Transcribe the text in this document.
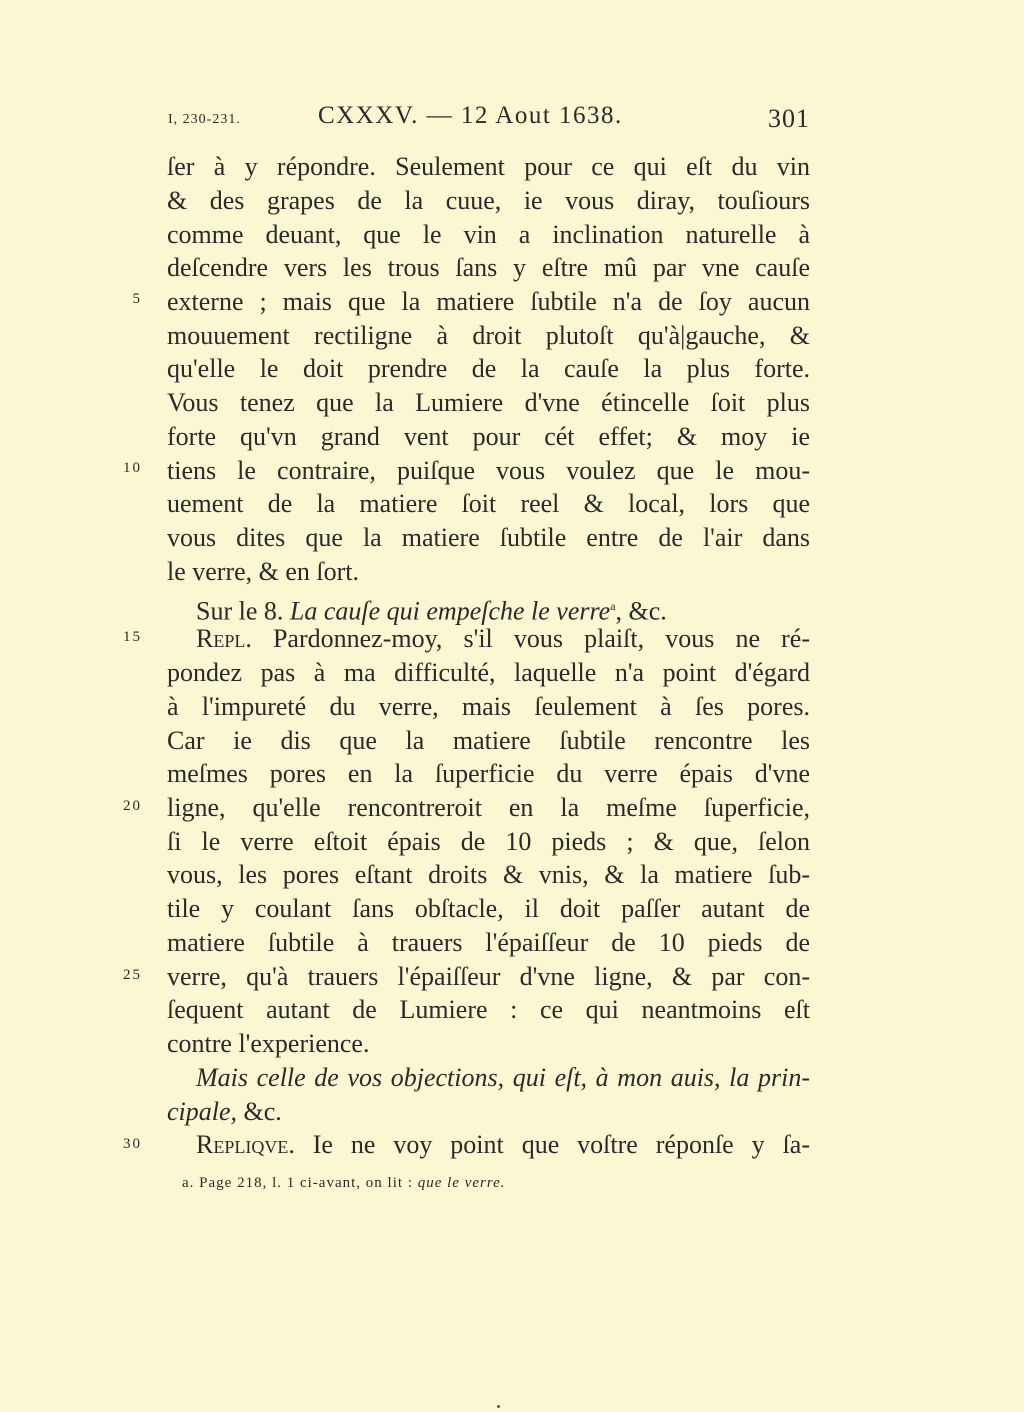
I, 230-231.	CXXXV. — 12 Aout 1638.	301
ſer à y répondre. Seulement pour ce qui eſt du vin
& des grapes de la cuue, ie vous diray, touſiours
comme deuant, que le vin a inclination naturelle à
deſcendre vers les trous ſans y eſtre mû par vne cauſe
externe ; mais que la matiere ſubtile n'a de ſoy aucun
mouuement rectiligne à droit plutoſt qu'à|gauche, &
qu'elle le doit prendre de la cauſe la plus forte.
Vous tenez que la Lumiere d'vne étincelle ſoit plus
forte qu'vn grand vent pour cét effet; & moy ie
tiens le contraire, puiſque vous voulez que le mou-
uement de la matiere ſoit reel & local, lors que
vous dites que la matiere ſubtile entre de l'air dans
le verre, & en ſort.
Sur le 8. La cauſe qui empeſche le verre$^a$, &c.
Repl. Pardonnez-moy, s'il vous plaiſt, vous ne ré-
pondez pas à ma difficulté, laquelle n'a point d'égard
à l'impureté du verre, mais ſeulement à ſes pores.
Car ie dis que la matiere ſubtile rencontre les
meſmes pores en la ſuperficie du verre épais d'vne
ligne, qu'elle rencontreroit en la meſme ſuperficie,
ſi le verre eſtoit épais de 10 pieds ; & que, ſelon
vous, les pores eſtant droits & vnis, & la matiere ſub-
tile y coulant ſans obſtacle, il doit paſſer autant de
matiere ſubtile à trauers l'épaiſſeur de 10 pieds de
verre, qu'à trauers l'épaiſſeur d'vne ligne, & par con-
ſequent autant de Lumiere : ce qui neantmoins eſt
contre l'experience.
Mais celle de vos objections, qui eſt, à mon auis, la prin-
cipale, &c.
Repliqve. Ie ne voy point que voſtre réponſe y ſa-
5
10
15
20
25
30
a. Page 218, l. 1 ci-avant, on lit : que le verre.
